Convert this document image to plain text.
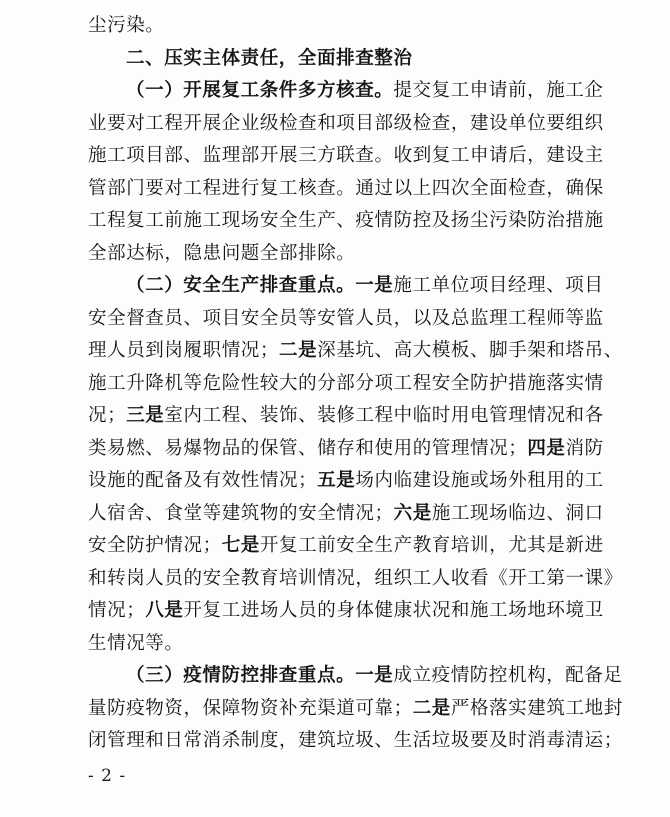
尘污染。
二、压实主体责任，全面排查整治
（一）开展复工条件多方核查。提交复工申请前，施工企
业要对工程开展企业级检查和项目部级检查，建设单位要组织
施工项目部、监理部开展三方联查。收到复工申请后，建设主
管部门要对工程进行复工核查。通过以上四次全面检查，确保
工程复工前施工现场安全生产、疫情防控及扬尘污染防治措施
全部达标，隐患问题全部排除。
（二）安全生产排查重点。一是施工单位项目经理、项目
安全督查员、项目安全员等安管人员，以及总监理工程师等监
理人员到岗履职情况；二是深基坑、高大模板、脚手架和塔吊、
施工升降机等危险性较大的分部分项工程安全防护措施落实情
况；三是室内工程、装饰、装修工程中临时用电管理情况和各
类易燃、易爆物品的保管、储存和使用的管理情况；四是消防
设施的配备及有效性情况；五是场内临建设施或场外租用的工
人宿舍、食堂等建筑物的安全情况；六是施工现场临边、洞口
安全防护情况；七是开复工前安全生产教育培训，尤其是新进
和转岗人员的安全教育培训情况，组织工人收看《开工第一课》
情况；八是开复工进场人员的身体健康状况和施工场地环境卫
生情况等。
（三）疫情防控排查重点。一是成立疫情防控机构，配备足
量防疫物资，保障物资补充渠道可靠；二是严格落实建筑工地封
闭管理和日常消杀制度，建筑垃圾、生活垃圾要及时消毒清运；
- 2 -
